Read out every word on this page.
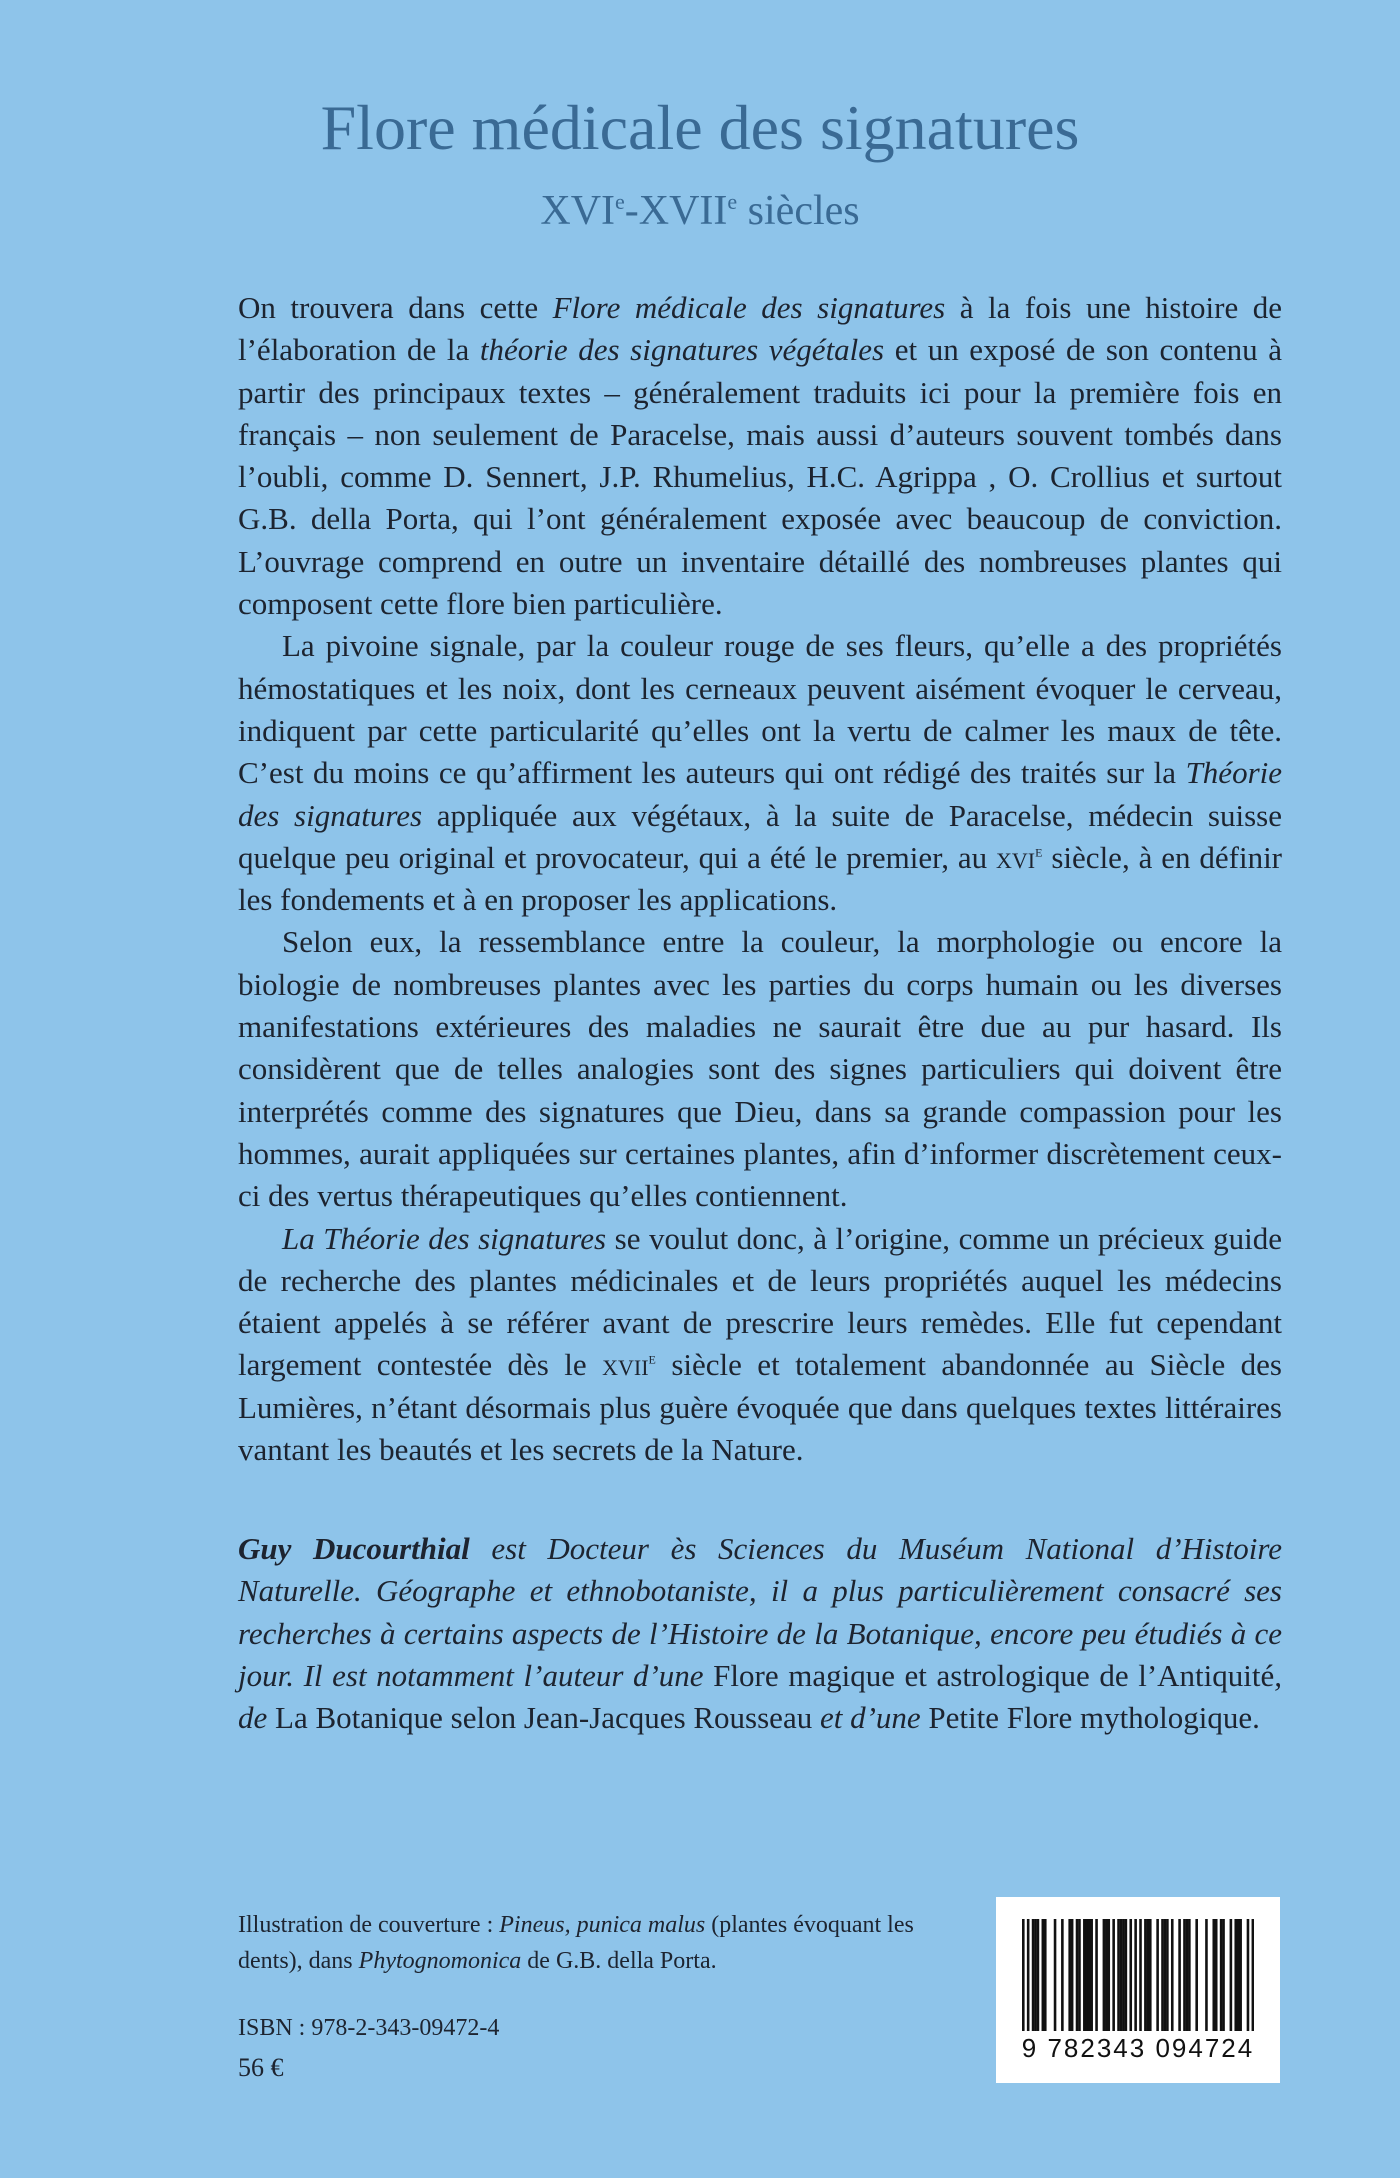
Flore médicale des signatures
XVIe-XVIIe siècles

On trouvera dans cette Flore médicale des signatures à la fois une histoire de l’élaboration de la théorie des signatures végétales et un exposé de son contenu à partir des principaux textes – généralement traduits ici pour la première fois en français – non seulement de Paracelse, mais aussi d’auteurs souvent tombés dans l’oubli, comme D. Sennert, J.P. Rhumelius, H.C. Agrippa , O. Crollius et surtout G.B. della Porta, qui l’ont généralement exposée avec beaucoup de conviction. L’ouvrage comprend en outre un inventaire détaillé des nombreuses plantes qui composent cette flore bien particulière.

La pivoine signale, par la couleur rouge de ses fleurs, qu’elle a des propriétés hémostatiques et les noix, dont les cerneaux peuvent aisément évoquer le cerveau, indiquent par cette particularité qu’elles ont la vertu de calmer les maux de tête. C’est du moins ce qu’affirment les auteurs qui ont rédigé des traités sur la Théorie des signatures appliquée aux végétaux, à la suite de Paracelse, médecin suisse quelque peu original et provocateur, qui a été le premier, au xvi$^e$ siècle, à en définir les fondements et à en proposer les applications.

Selon eux, la ressemblance entre la couleur, la morphologie ou encore la biologie de nombreuses plantes avec les parties du corps humain ou les diverses manifestations extérieures des maladies ne saurait être due au pur hasard. Ils considèrent que de telles analogies sont des signes particuliers qui doivent être interprétés comme des signatures que Dieu, dans sa grande compassion pour les hommes, aurait appliquées sur certaines plantes, afin d’informer discrètement ceux-ci des vertus thérapeutiques qu’elles contiennent.

La Théorie des signatures se voulut donc, à l’origine, comme un précieux guide de recherche des plantes médicinales et de leurs propriétés auquel les médecins étaient appelés à se référer avant de prescrire leurs remèdes. Elle fut cependant largement contestée dès le xvii$^e$ siècle et totalement abandonnée au Siècle des Lumières, n’étant désormais plus guère évoquée que dans quelques textes littéraires vantant les beautés et les secrets de la Nature.

Guy Ducourthial est Docteur ès Sciences du Muséum National d’Histoire Naturelle. Géographe et ethnobotaniste, il a plus particulièrement consacré ses recherches à certains aspects de l’Histoire de la Botanique, encore peu étudiés à ce jour. Il est notamment l’auteur d’une Flore magique et astrologique de l’Antiquité, de La Botanique selon Jean-Jacques Rousseau et d’une Petite Flore mythologique.

Illustration de couverture : Pineus, punica malus (plantes évoquant les dents), dans Phytognomonica de G.B. della Porta.

ISBN : 978-2-343-09472-4
56 €
9 782343 094724
